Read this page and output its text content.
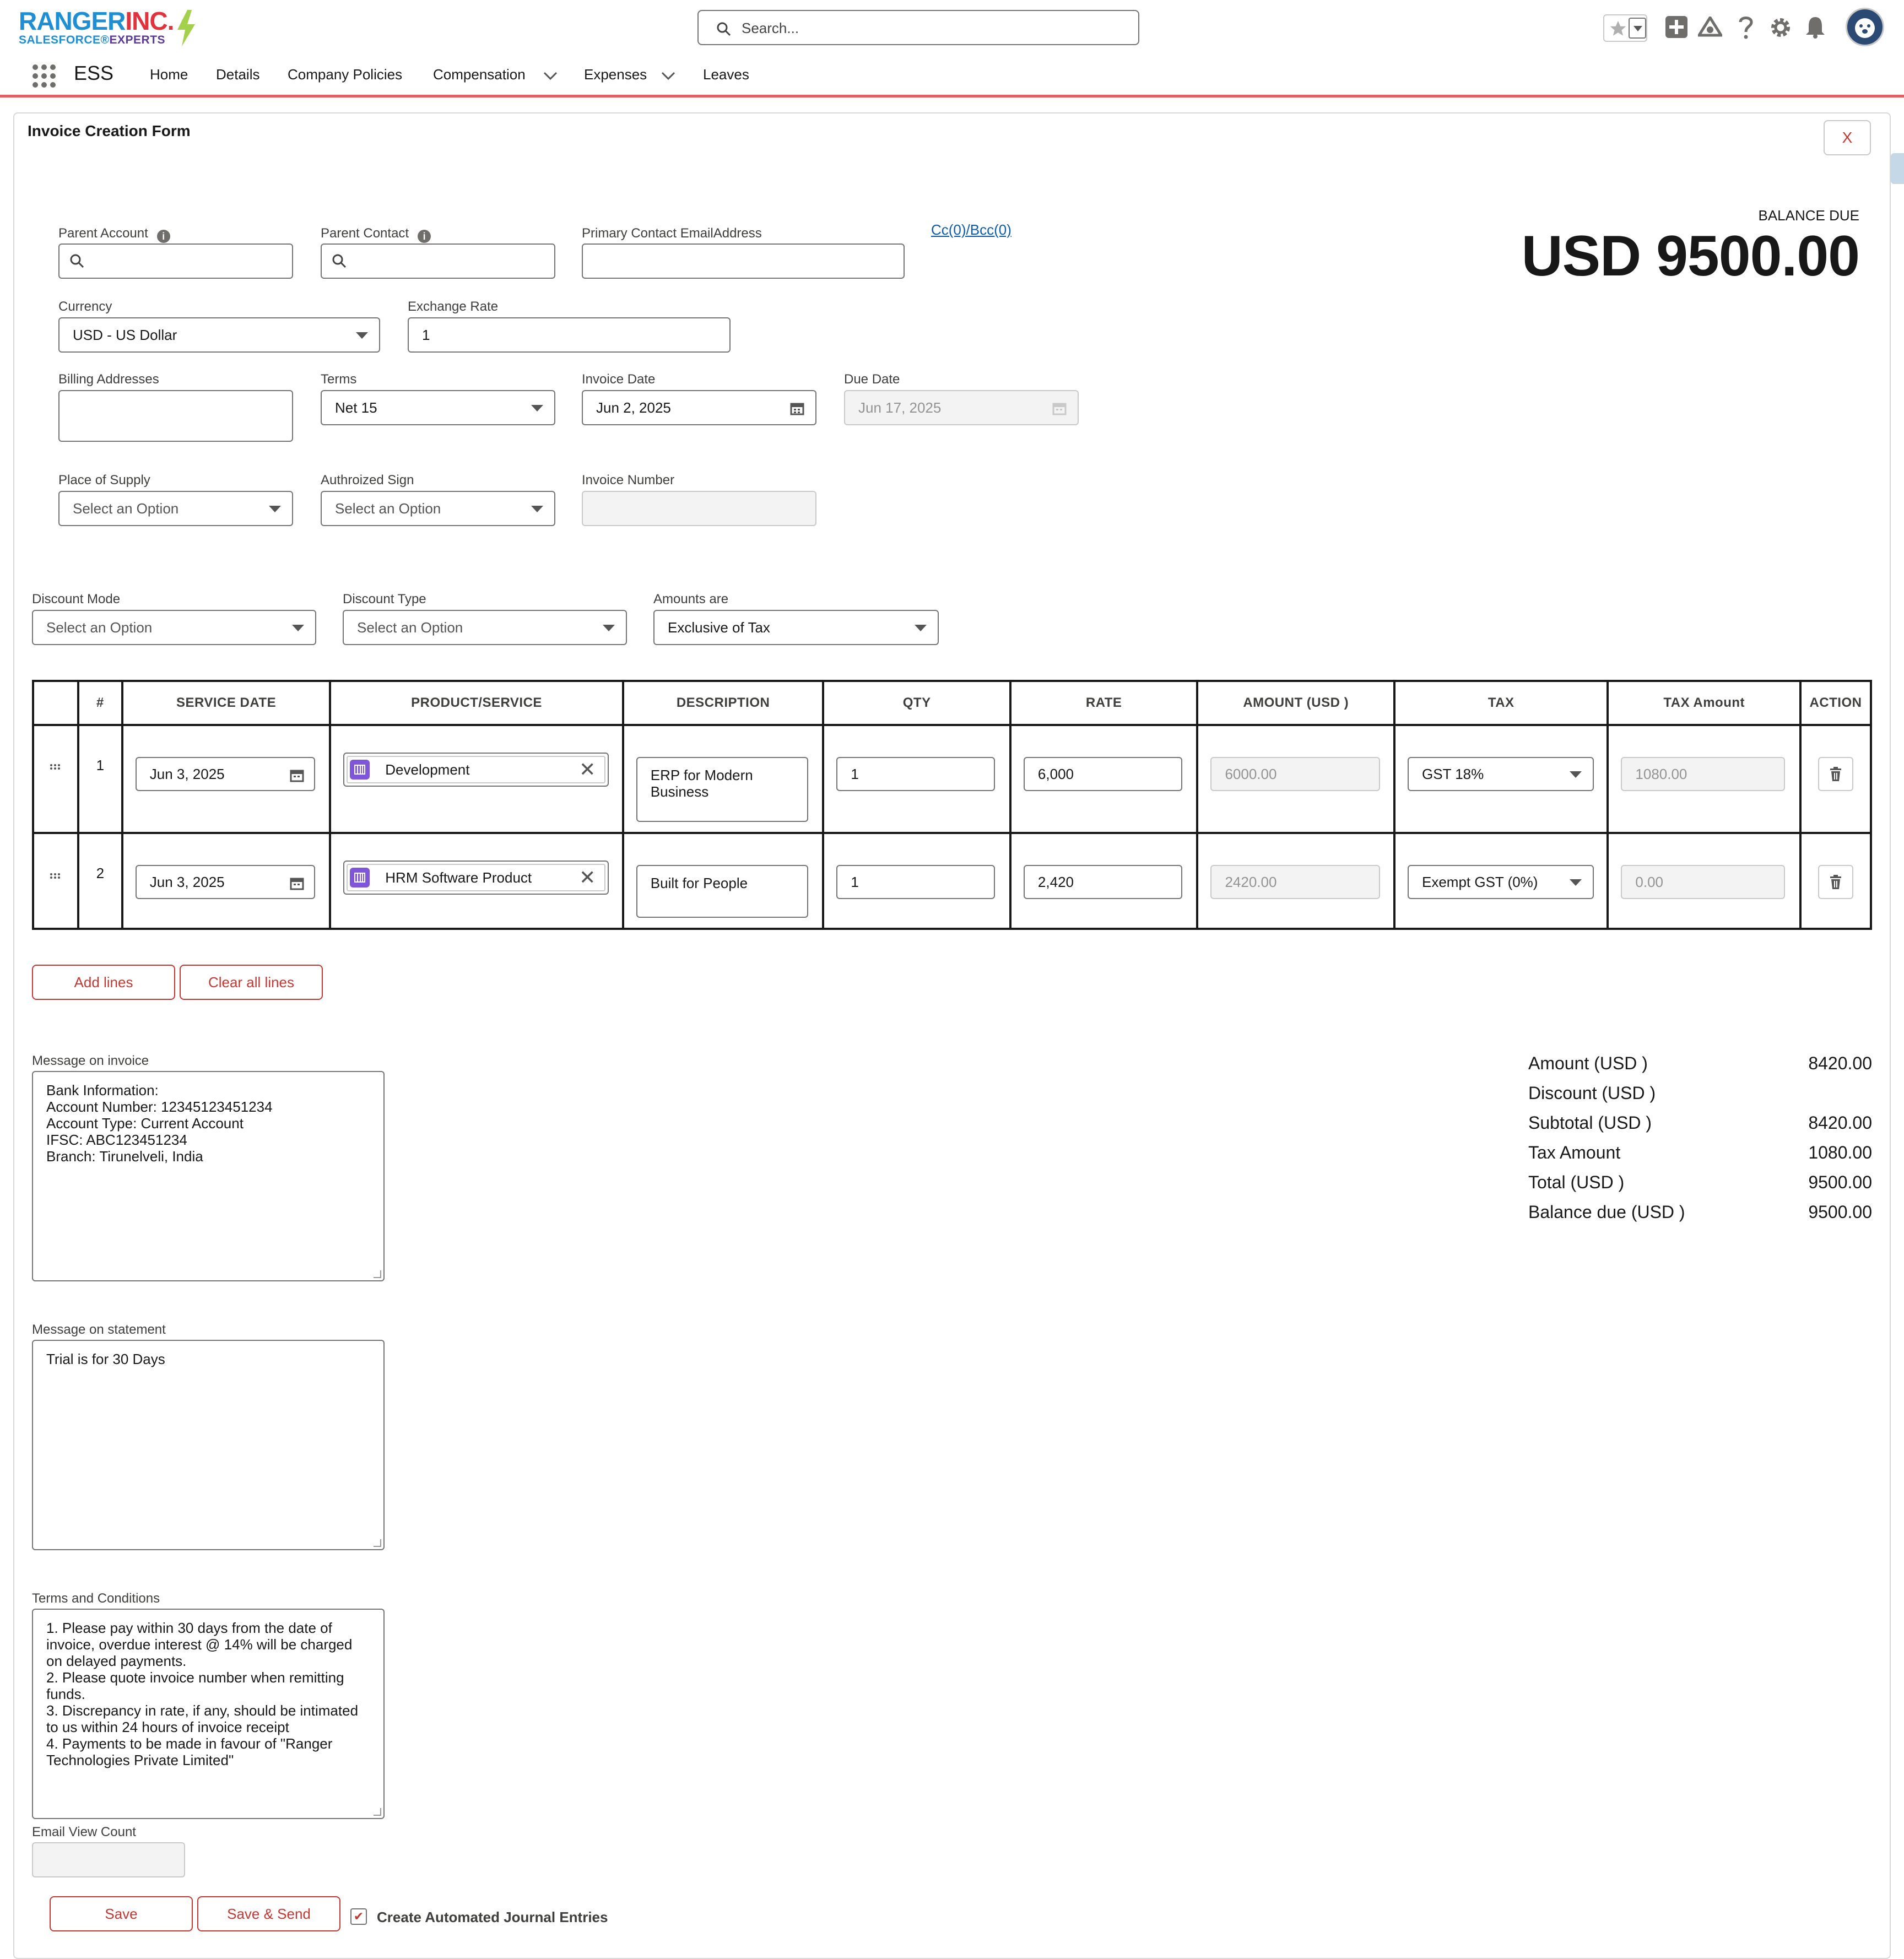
RANGERINC.
SALESFORCE®EXPERTS
Search...
ESS	Home Details Company Policies Compensation	Expenses	Leaves
Invoice Creation Form	X
Parent Account i	Parent Contact i	Primary Contact EmailAddress	Cc(0)/Bcc(0)
BALANCE DUE
USD 9500.00
Currency
USD - US Dollar
Exchange Rate
1
Billing Addresses	Terms
Net 15
Invoice Date
Jun 2, 2025
Due Date
Jun 17, 2025
Place of Supply
Select an Option
Authroized Sign
Select an Option
Invoice Number
Discount Mode
Select an Option
Discount Type
Select an Option
Amounts are
Exclusive of Tax
	#	SERVICE DATE	PRODUCT/SERVICE	DESCRIPTION	QTY	RATE	AMOUNT (USD )	TAX	TAX Amount	ACTION

	1	Jun 3, 2025	Development ✕	ERP for Modern Business	1	6,000	6000.00	GST 18%	1080.00

	2	Jun 3, 2025	HRM Software Product ✕	Built for People	1	2,420	2420.00	Exempt GST (0%)	0.00

Add lines	Clear all lines
Message on invoice
Bank Information:
Account Number: 12345123451234
Account Type: Current Account
IFSC: ABC123451234
Branch: Tirunelveli, India
Message on statement
Trial is for 30 Days
Terms and Conditions
1. Please pay within 30 days from the date of invoice, overdue interest @ 14% will be charged on delayed payments.
2. Please quote invoice number when remitting funds.
3. Discrepancy in rate, if any, should be intimated to us within 24 hours of invoice receipt
4. Payments to be made in favour of "Ranger Technologies Private Limited"
Email View Count
Save	Save & Send	✔ Create Automated Journal Entries
Amount (USD )	8420.00
Discount (USD )
Subtotal (USD )	8420.00
Tax Amount	1080.00
Total (USD )	9500.00
Balance due (USD )	9500.00
